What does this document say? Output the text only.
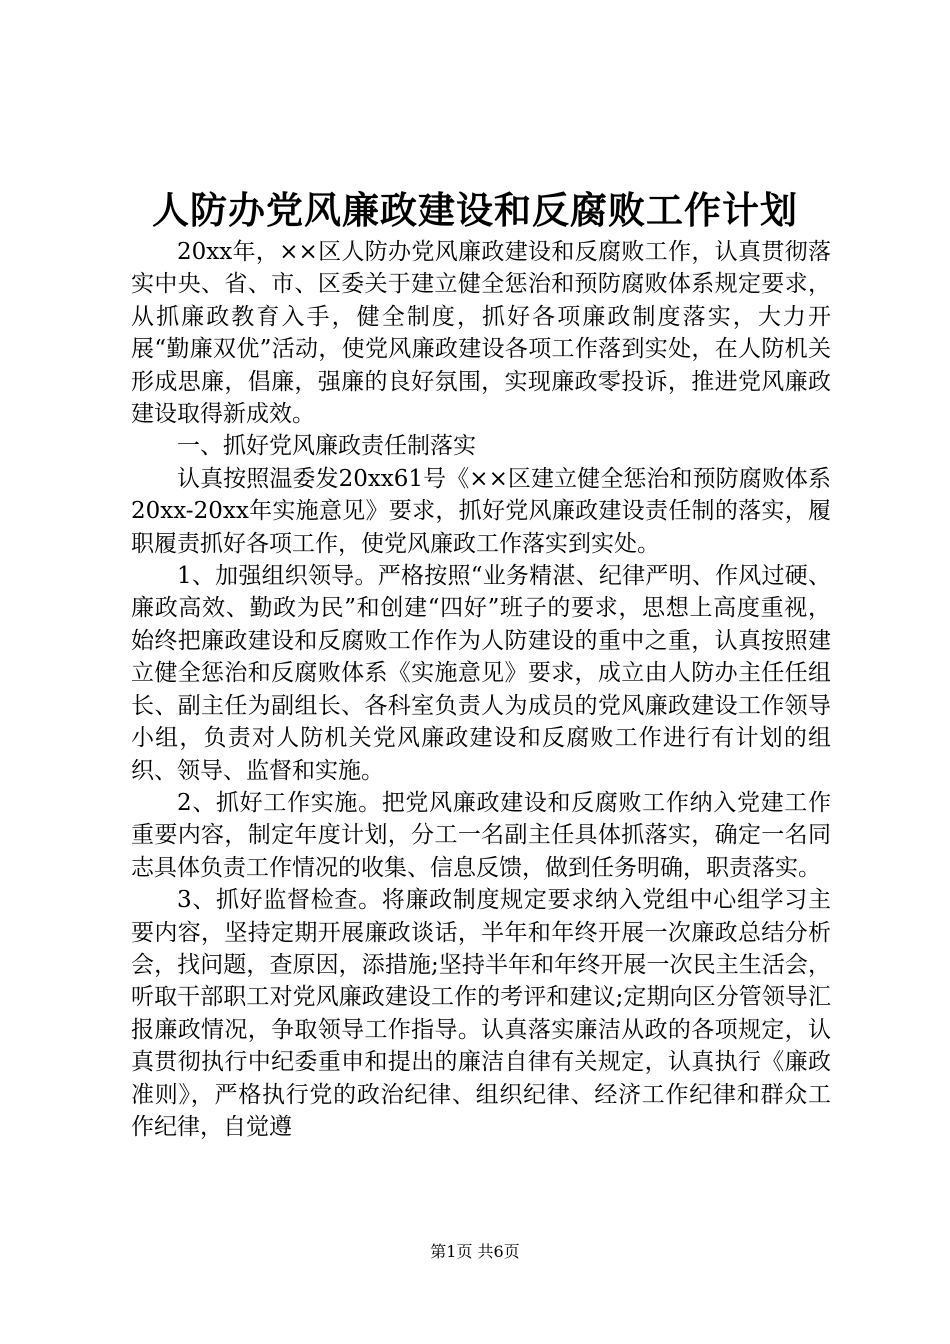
人防办党风廉政建设和反腐败工作计划

20xx年，××区人防办党风廉政建设和反腐败工作，认真贯彻落实中央、省、市、区委关于建立健全惩治和预防腐败体系规定要求，从抓廉政教育入手，健全制度，抓好各项廉政制度落实，大力开展“勤廉双优”活动，使党风廉政建设各项工作落到实处，在人防机关形成思廉，倡廉，强廉的良好氛围，实现廉政零投诉，推进党风廉政建设取得新成效。

一、抓好党风廉政责任制落实

认真按照温委发20xx61号《××区建立健全惩治和预防腐败体系20xx-20xx年实施意见》要求，抓好党风廉政建设责任制的落实，履职履责抓好各项工作，使党风廉政工作落实到实处。

1、加强组织领导。严格按照“业务精湛、纪律严明、作风过硬、廉政高效、勤政为民”和创建“四好”班子的要求，思想上高度重视，始终把廉政建设和反腐败工作作为人防建设的重中之重，认真按照建立健全惩治和反腐败体系《实施意见》要求，成立由人防办主任任组长、副主任为副组长、各科室负责人为成员的党风廉政建设工作领导小组，负责对人防机关党风廉政建设和反腐败工作进行有计划的组织、领导、监督和实施。

2、抓好工作实施。把党风廉政建设和反腐败工作纳入党建工作重要内容，制定年度计划，分工一名副主任具体抓落实，确定一名同志具体负责工作情况的收集、信息反馈，做到任务明确，职责落实。

3、抓好监督检查。将廉政制度规定要求纳入党组中心组学习主要内容，坚持定期开展廉政谈话，半年和年终开展一次廉政总结分析会，找问题，查原因，添措施;坚持半年和年终开展一次民主生活会，听取干部职工对党风廉政建设工作的考评和建议;定期向区分管领导汇报廉政情况，争取领导工作指导。认真落实廉洁从政的各项规定，认真贯彻执行中纪委重申和提出的廉洁自律有关规定，认真执行《廉政准则》，严格执行党的政治纪律、组织纪律、经济工作纪律和群众工作纪律，自觉遵

第1页 共6页
